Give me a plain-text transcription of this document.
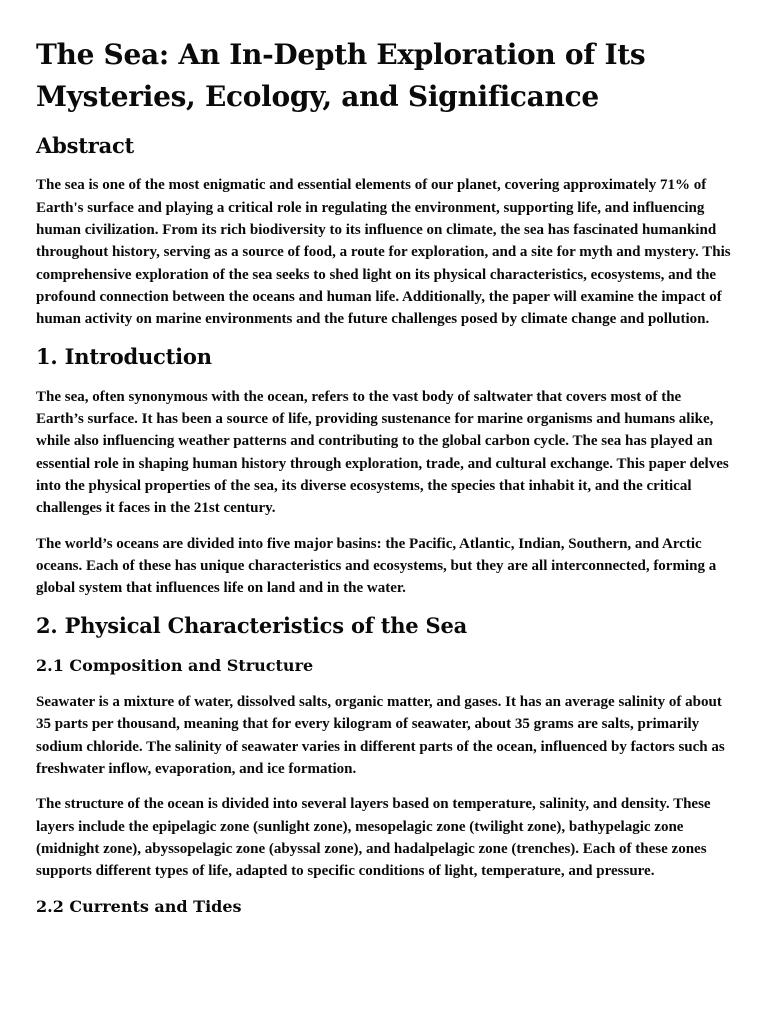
The Sea: An In-Depth Exploration of Its Mysteries, Ecology, and Significance
Abstract

The sea is one of the most enigmatic and essential elements of our planet, covering approximately 71% of Earth's surface and playing a critical role in regulating the environment, supporting life, and influencing human civilization. From its rich biodiversity to its influence on climate, the sea has fascinated humankind throughout history, serving as a source of food, a route for exploration, and a site for myth and mystery. This comprehensive exploration of the sea seeks to shed light on its physical characteristics, ecosystems, and the profound connection between the oceans and human life. Additionally, the paper will examine the impact of human activity on marine environments and the future challenges posed by climate change and pollution.

1. Introduction

The sea, often synonymous with the ocean, refers to the vast body of saltwater that covers most of the Earth’s surface. It has been a source of life, providing sustenance for marine organisms and humans alike, while also influencing weather patterns and contributing to the global carbon cycle. The sea has played an essential role in shaping human history through exploration, trade, and cultural exchange. This paper delves into the physical properties of the sea, its diverse ecosystems, the species that inhabit it, and the critical challenges it faces in the 21st century.

The world’s oceans are divided into five major basins: the Pacific, Atlantic, Indian, Southern, and Arctic oceans. Each of these has unique characteristics and ecosystems, but they are all interconnected, forming a global system that influences life on land and in the water.

2. Physical Characteristics of the Sea
2.1 Composition and Structure

Seawater is a mixture of water, dissolved salts, organic matter, and gases. It has an average salinity of about 35 parts per thousand, meaning that for every kilogram of seawater, about 35 grams are salts, primarily sodium chloride. The salinity of seawater varies in different parts of the ocean, influenced by factors such as freshwater inflow, evaporation, and ice formation.

The structure of the ocean is divided into several layers based on temperature, salinity, and density. These layers include the epipelagic zone (sunlight zone), mesopelagic zone (twilight zone), bathypelagic zone (midnight zone), abyssopelagic zone (abyssal zone), and hadalpelagic zone (trenches). Each of these zones supports different types of life, adapted to specific conditions of light, temperature, and pressure.

2.2 Currents and Tides
